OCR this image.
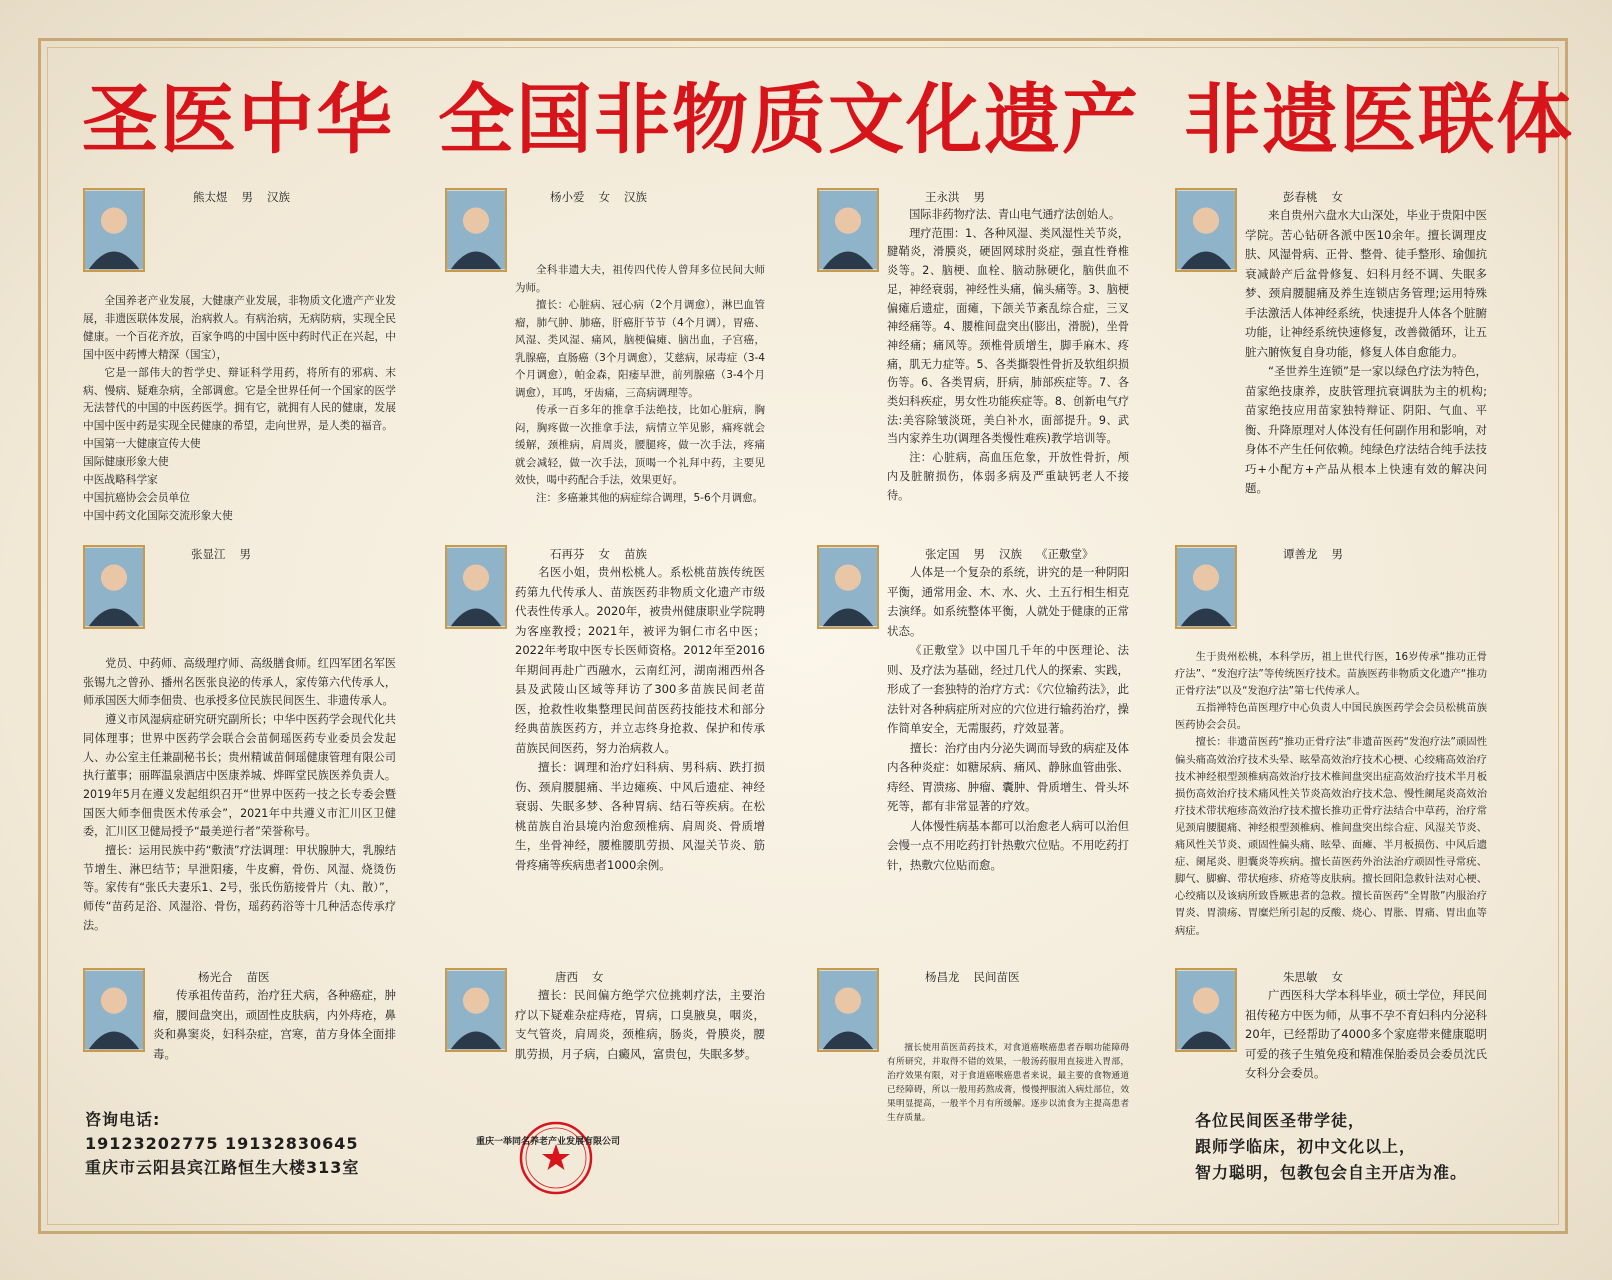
圣医中华 全国非物质文化遗产 非遗医联体
熊太煜 男 汉族

全国养老产业发展，大健康产业发展，非物质文化遗产产业发展，非遗医联体发展，治病救人。有病治病，无病防病，实现全民健康。一个百花齐放，百家争鸣的中国中医中药时代正在兴起，中国中医中药博大精深（国宝），

它是一部伟大的哲学史、辩证科学用药，将所有的邪病、末病、慢病、疑难杂病，全部调愈。它是全世界任何一个国家的医学无法替代的中国的中医药医学。拥有它，就拥有人民的健康，发展中国中医中药是实现全民健康的希望，走向世界，是人类的福音。

中国第一大健康宣传大使

国际健康形象大使

中医战略科学家

中国抗癌协会会员单位

中国中药文化国际交流形象大使

杨小爱 女 汉族

全科非遗大夫，祖传四代传人曾拜多位民间大师为师。

擅长：心脏病、冠心病（2个月调愈），淋巴血管瘤，肺气肿、肺癌，肝癌肝节节（4个月调），胃癌、风湿、类风湿、痛风，脑梗偏瘫、脑出血，子宫癌，乳腺癌，直肠癌（3个月调愈），艾慈病，尿毒症（3-4个月调愈），帕金森，阳痿早泄，前列腺癌（3-4个月调愈），耳鸣，牙齿痛，三高病调理等。

传承一百多年的推拿手法绝技，比如心脏病，胸闷，胸疼做一次推拿手法，病情立竿见影，痛疼就会缓解，颈椎病，肩周炎，腰腿疼，做一次手法，疼痛就会减轻，做一次手法，顶喝一个礼拜中药，主要见效快，喝中药配合手法，效果更好。

注：多癌兼其他的病症综合调理，5-6个月调愈。

王永洪 男

国际非药物疗法、青山电气通疗法创始人。

理疗范围：1、各种风湿、类风湿性关节炎，腱鞘炎，滑膜炎，硬固网球肘炎症，强直性脊椎炎等。2、脑梗、血栓、脑动脉硬化，脑供血不足，神经衰弱，神经性头痛，偏头痛等。3、脑梗偏瘫后遗症，面瘫，下颌关节紊乱综合症，三叉神经痛等。4、腰椎间盘突出(膨出，滑脱)，坐骨神经痛；痛风等。颈椎骨质增生，脚手麻木、疼痛，肌无力症等。5、各类撕裂性骨折及软组织损伤等。6、各类胃病，肝病，肺部疾症等。7、各类妇科疾症，男女性功能疾症等。8、创新电气疗法:美容除皱淡斑，美白补水，面部提升。9、武当内家养生功(调理各类慢性难疾)教学培训等。

注：心脏病，高血压危象，开放性骨折，颅内及脏腑损伤，体弱多病及严重缺钙老人不接待。

彭春桃 女

来自贵州六盘水大山深处，毕业于贵阳中医学院。苦心钻研各派中医10余年。擅长调理皮肤、风湿骨病、正骨、整骨、徒手整形、瑜伽抗衰减龄产后盆骨修复、妇科月经不调、失眠多梦、颈肩腰腿痛及养生连锁店务管理;运用特殊手法激活人体神经系统，快速提升人体各个脏腑功能，让神经系统快速修复，改善微循环，让五脏六腑恢复自身功能，修复人体自愈能力。

“圣世养生连锁”是一家以绿色疗法为特色，苗家绝技康养，皮肤管理抗衰调肤为主的机构;苗家绝技应用苗家独特辩证、阴阳、气血、平衡、升降原理对人体没有任何副作用和影响，对身体不产生任何依赖。纯绿色疗法结合纯手法技巧+小配方+产品从根本上快速有效的解决问题。

张显江 男

党员、中药师、高级理疗师、高级膳食师。红四军团名军医张锡九之曾孙、播州名医张良泌的传承人，家传第六代传承人，师承国医大师李佃贵、也承授多位民族民间医生、非遗传承人。

遵义市风湿病症研究研究副所长；中华中医药学会现代化共同体理事；世界中医药学会联合会苗侗瑶医药专业委员会发起人、办公室主任兼副秘书长；贵州精诚苗侗瑶健康管理有限公司执行董事；丽晖温泉酒店中医康养城、烨晖堂民族医养负责人。2019年5月在遵义发起组织召开“世界中医药一技之长专委会暨国医大师李佃贵医术传承会”，2021年中共遵义市汇川区卫健委，汇川区卫健局授予“最美逆行者”荣誉称号。

擅长：运用民族中药“敷渍”疗法调理：甲状腺肿大，乳腺结节增生、淋巴结节；早泄阳痿，牛皮癣，骨伤、风湿、烧烫伤等。家传有“张氏夫妻乐1、2号，张氏伤筋接骨片（丸、散）”，师传“苗药足浴、风湿浴、骨伤，瑶药药浴等十几种活态传承疗法。

石再芬 女 苗族

名医小姐，贵州松桃人。系松桃苗族传统医药第九代传承人、苗族医药非物质文化遗产市级代表性传承人。2020年，被贵州健康职业学院聘为客座教授；2021年，被评为铜仁市名中医；2022年考取中医专长医师资格。2012年至2016年期间再赴广西融水，云南红河，湖南湘西州各县及武陵山区域等拜访了300多苗族民间老苗医，抢救性收集整理民间苗医药技能技术和部分经典苗族医药方，并立志终身抢救、保护和传承苗族民间医药，努力治病救人。

擅长：调理和治疗妇科病、男科病、跌打损伤、颈肩腰腿痛、半边瘫痪、中风后遗症、神经衰弱、失眠多梦、各种胃病、结石等疾病。在松桃苗族自治县境内治愈颈椎病、肩周炎、骨质增生，坐骨神经，腰椎腰肌劳损、风湿关节炎、筋骨疼痛等疾病患者1000余例。

张定国 男 汉族 《正敷堂》

人体是一个复杂的系统，讲究的是一种阴阳平衡，通常用金、木、水、火、土五行相生相克去演绎。如系统整体平衡，人就处于健康的正常状态。

《正敷堂》以中国几千年的中医理论、法则、及疗法为基础，经过几代人的探索、实践，形成了一套独特的治疗方式：《穴位输药法》，此法针对各种病症所对应的穴位进行输药治疗，操作简单安全，无需服药，疗效显著。

擅长：治疗由内分泌失调而导致的病症及体内各种炎症：如糖尿病、痛风、静脉血管曲张、痔经、胃溃疡、肿瘤、囊肿、骨质增生、骨头坏死等，都有非常显著的疗效。

人体慢性病基本都可以治愈老人病可以治但会慢一点不用吃药打针热敷穴位贴。不用吃药打针，热敷穴位贴而愈。

谭善龙 男

生于贵州松桃，本科学历，祖上世代行医，16岁传承“推功正骨疗法”、“发泡疗法”等传统医疗技术。苗族医药非物质文化遗产“推功正骨疗法”以及“发泡疗法”第七代传承人。

五指禅特色苗医理疗中心负责人中国民族医药学会会员松桃苗族医药协会会员。

擅长：非遗苗医药“推功正骨疗法”非遗苗医药“发泡疗法”顽固性偏头痛高效治疗技术头晕、眩晕高效治疗技术心梗、心绞痛高效治疗技术神经根型颈椎病高效治疗技术椎间盘突出症高效治疗技术半月板损伤高效治疗技术痛风性关节炎高效治疗技术急、慢性阑尾炎高效治疗技术带状疱疹高效治疗技术擅长推功正骨疗法结合中草药，治疗常见颈肩腰腿痛、神经根型颈椎病、椎间盘突出综合症、风湿关节炎、痛风性关节炎、顽固性偏头痛、眩晕、面瘫、半月板损伤、中风后遗症、阑尾炎、胆囊炎等疾病。擅长苗医药外治法治疗顽固性寻常疣、脚气、脚癣、带状疱疹、疥疮等皮肤病。擅长回阳急救针法对心梗、心绞痛以及该病所致昏厥患者的急救。擅长苗医药“全胃散”内服治疗胃炎、胃溃疡、胃糜烂所引起的反酸、烧心、胃胀、胃痛、胃出血等病症。

杨光合 苗医

传承祖传苗药，治疗狂犬病，各种癌症，肿瘤，腰间盘突出，顽固性皮肤病，内外痔疮，鼻炎和鼻窦炎，妇科杂症，宫寒，苗方身体全面排毒。

唐西 女

擅长：民间偏方绝学穴位挑刺疗法，主要治疗以下疑难杂症痔疮，胃病，口臭腋臭，咽炎，支气管炎，肩周炎，颈椎病，肠炎，骨膜炎，腰肌劳损，月子病，白癜风，富贵包，失眠多梦。

杨昌龙 民间苗医

擅长使用苗医苗药技术，对食道癌喉癌患者吞咽功能障碍有所研究，并取得不错的效果，一般汤药服用直接进入胃部，治疗效果有限，对于食道癌喉癌患者来说，最主要的食物通道已经障碍，所以一般用药熬成膏，慢慢押服流入病灶部位，效果明显提高，一般半个月有所缓解。逐步以流食为主提高患者生存质量。

朱思敏 女

广西医科大学本科毕业，硕士学位，拜民间祖传秘方中医为师，从事不孕不育妇科内分泌科20年，已经帮助了4000多个家庭带来健康聪明可爱的孩子生殖免疫和精准保胎委员会委员沈氏女科分会委员。

咨询电话:
19123202775 19132830645
重庆市云阳县宾江路恒生大楼313室
重庆一举同名养老产业发展有限公司
各位民间医圣带学徒，
跟师学临床，初中文化以上，
智力聪明，包教包会自主开店为准。
